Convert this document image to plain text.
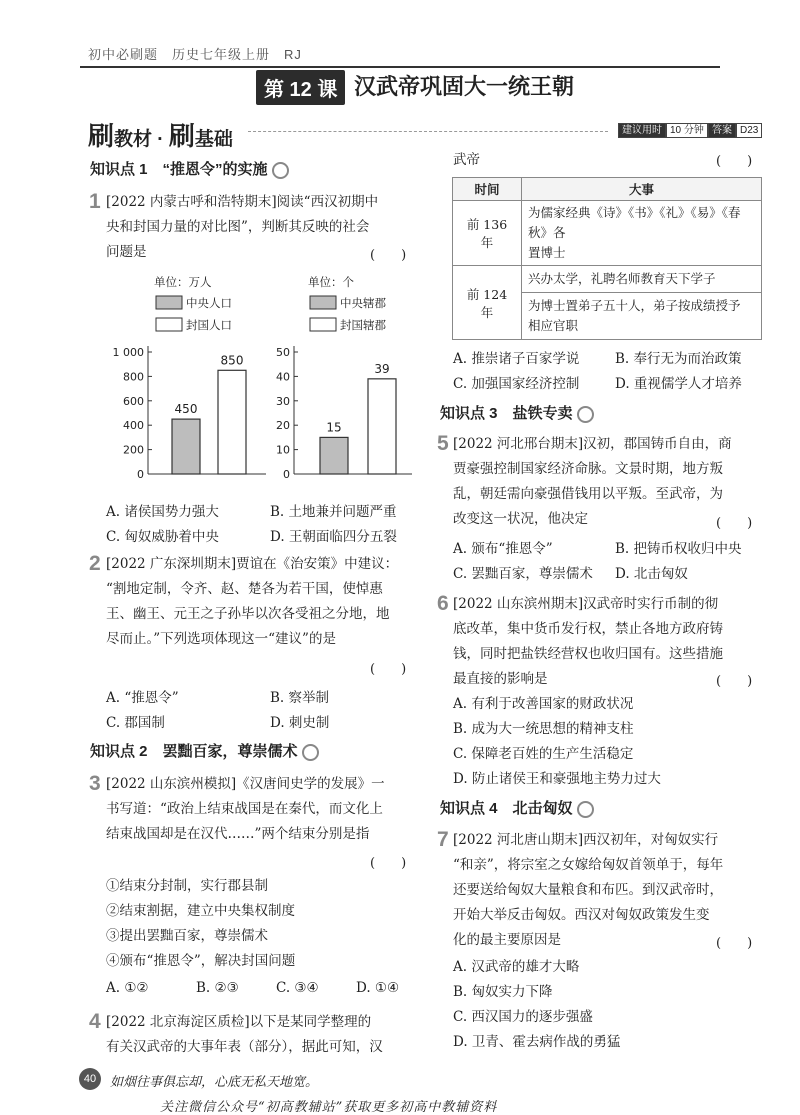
初中必刷题　历史七年级上册　RJ
第 12 课 汉武帝巩固大一统王朝
刷教材 · 刷基础	建议用时 10 分钟 答案 D23
知识点 1　“推恩令”的实施
1 [2022 内蒙古呼和浩特期末]阅读“西汉初期中
央和封国力量的对比图”，判断其反映的社会
问题是	(　　)
单位：万人
中央人口
封国人口
1 000
800
600
400
200
0
450
850
单位：个
中央辖郡
封国辖郡
50
40
30
20
10
0
15
39
A. 诸侯国势力强大	B. 土地兼并问题严重
C. 匈奴威胁着中央	D. 王朝面临四分五裂
2 [2022 广东深圳期末]贾谊在《治安策》中建议：
“割地定制，令齐、赵、楚各为若干国，使悼惠
王、幽王、元王之子孙毕以次各受祖之分地，地
尽而止。”下列选项体现这一“建议”的是
(　　)
A. “推恩令”	B. 察举制
C. 郡国制	D. 刺史制
知识点 2　罢黜百家，尊崇儒术
3 [2022 山东滨州模拟]《汉唐间史学的发展》一
书写道：“政治上结束战国是在秦代，而文化上
结束战国却是在汉代……”两个结束分别是指
(　　)
①结束分封制，实行郡县制
②结束割据，建立中央集权制度
③提出罢黜百家，尊崇儒术
④颁布“推恩令”，解决封国问题
A. ①②	B. ②③	C. ③④	D. ①④
4 [2022 北京海淀区质检]以下是某同学整理的
有关汉武帝的大事年表（部分），据此可知，汉
武帝	(　　)
时间	大事
前 136 年	为儒家经典《诗》《书》《礼》《易》《春秋》各
置博士

前 124 年	兴办太学，礼聘名师教育天下学子
为博士置弟子五十人，弟子按成绩授予
相应官职
A. 推崇诸子百家学说	B. 奉行无为而治政策
C. 加强国家经济控制	D. 重视儒学人才培养
知识点 3　盐铁专卖
5 [2022 河北邢台期末]汉初，郡国铸币自由，商
贾豪强控制国家经济命脉。文景时期，地方叛
乱，朝廷需向豪强借钱用以平叛。至武帝，为
改变这一状况，他决定	(　　)
A. 颁布“推恩令”	B. 把铸币权收归中央
C. 罢黜百家，尊崇儒术 D. 北击匈奴
6 [2022 山东滨州期末]汉武帝时实行币制的彻
底改革，集中货币发行权，禁止各地方政府铸
钱，同时把盐铁经营权也收归国有。这些措施
最直接的影响是	(　　)
A. 有利于改善国家的财政状况
B. 成为大一统思想的精神支柱
C. 保障老百姓的生产生活稳定
D. 防止诸侯王和豪强地主势力过大
知识点 4　北击匈奴
7 [2022 河北唐山期末]西汉初年，对匈奴实行
“和亲”，将宗室之女嫁给匈奴首领单于，每年
还要送给匈奴大量粮食和布匹。到汉武帝时，
开始大举反击匈奴。西汉对匈奴政策发生变
化的最主要原因是	(　　)
A. 汉武帝的雄才大略
B. 匈奴实力下降
C. 西汉国力的逐步强盛
D. 卫青、霍去病作战的勇猛
40	如烟往事俱忘却，心底无私天地宽。
关注微信公众号“初高教辅站”获取更多初高中教辅资料
